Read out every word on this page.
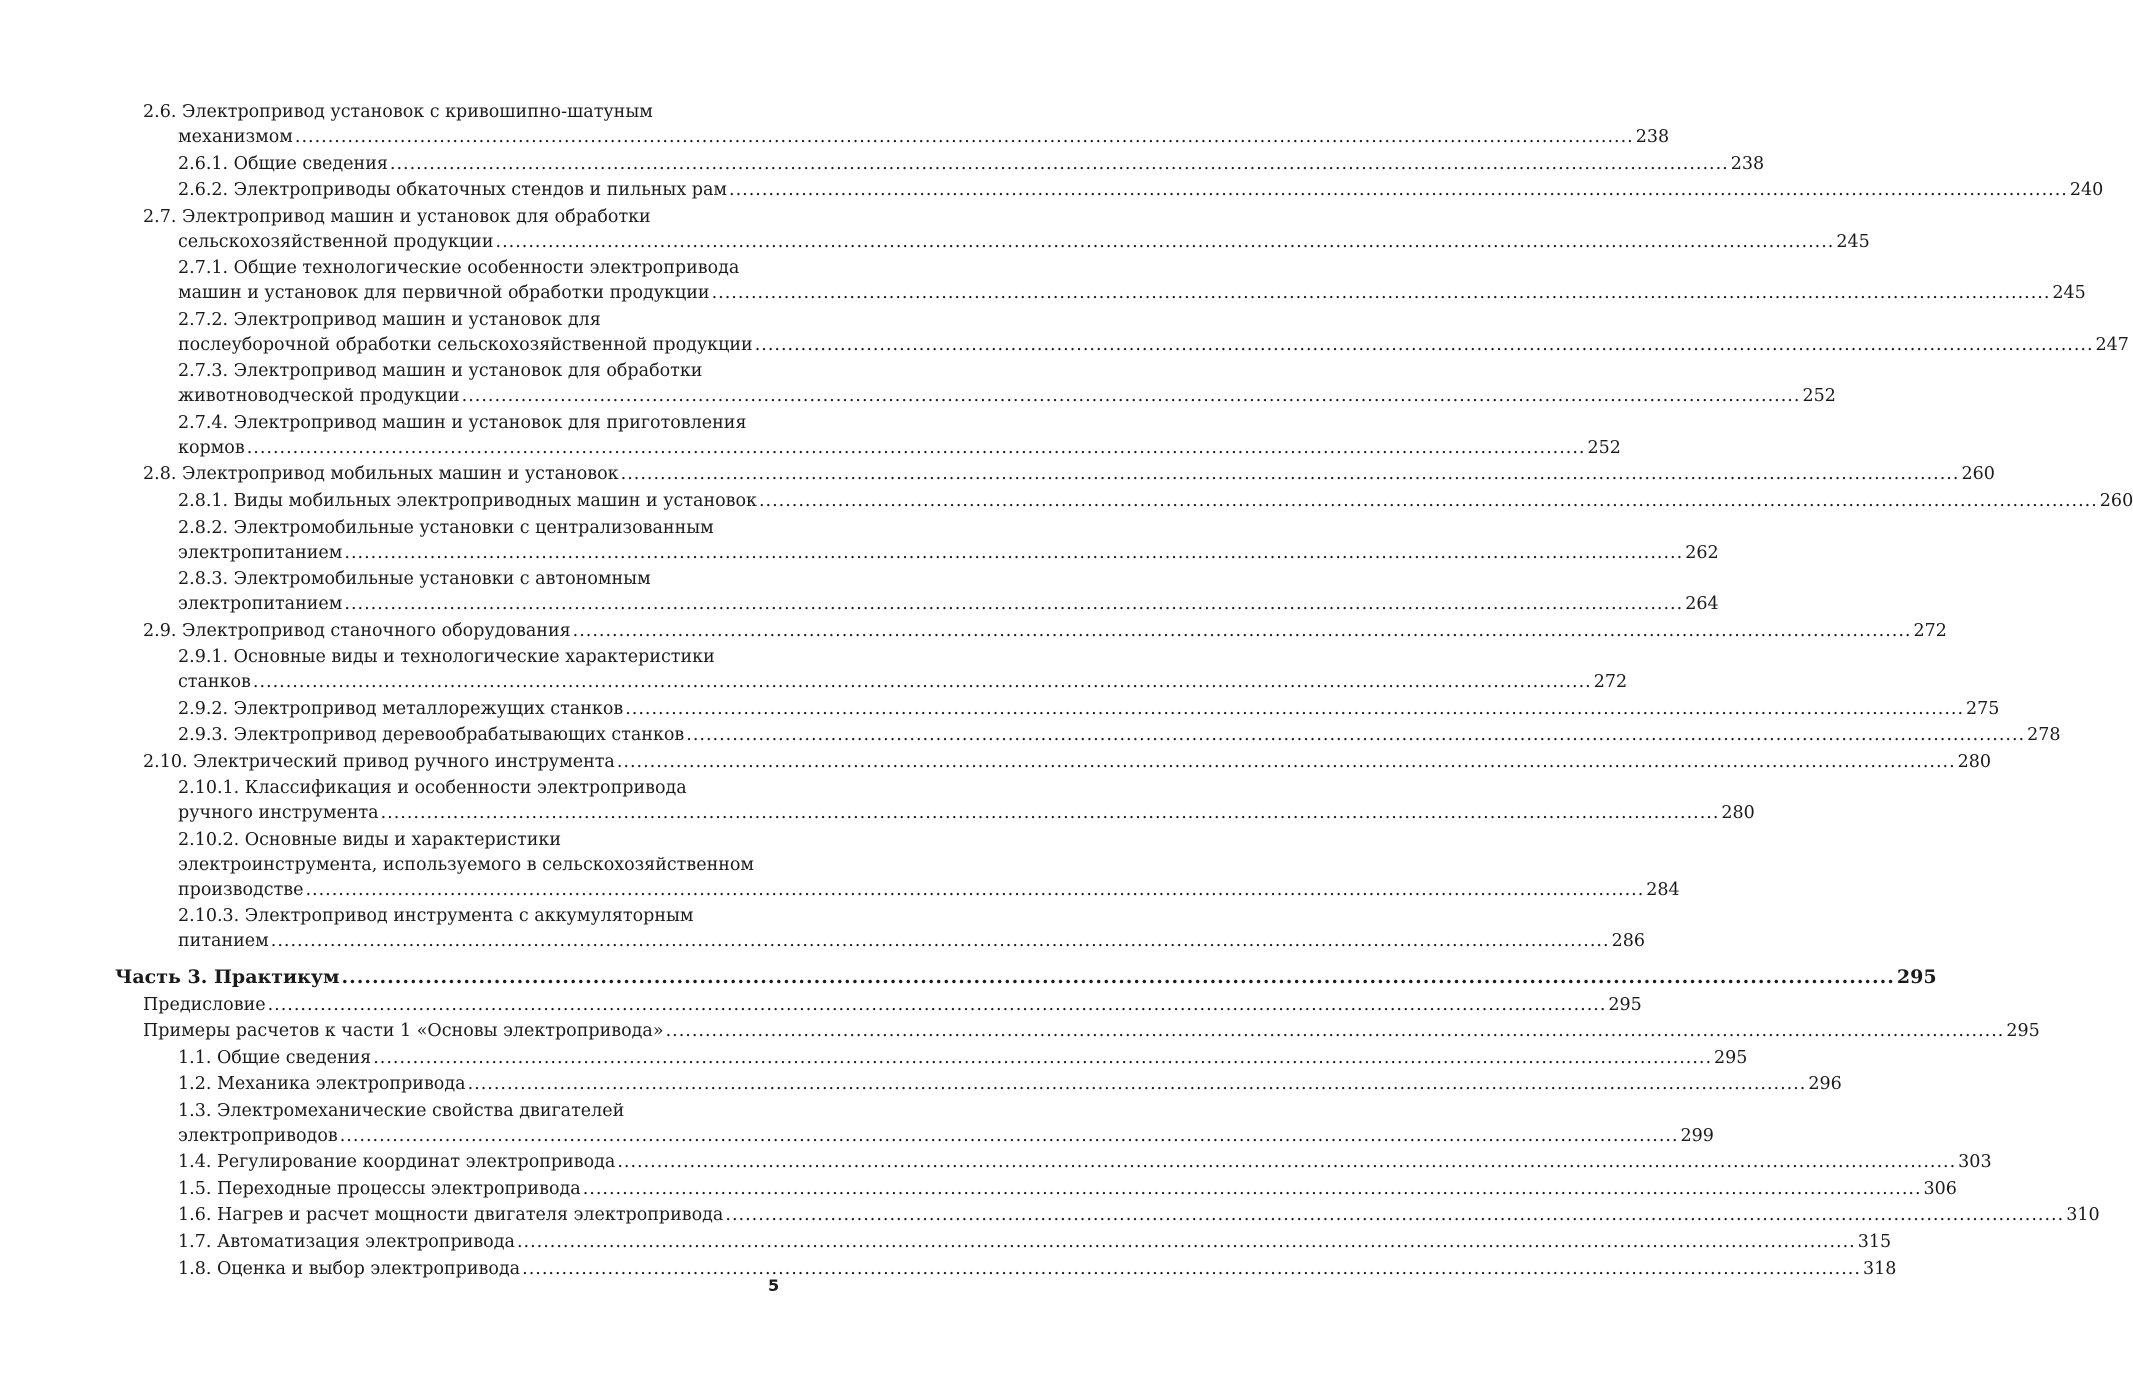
2.6. Электропривод установок с кривошипно-шатуным
механизмом .....	238
2.6.1. Общие сведения .....	238
2.6.2. Электроприводы обкаточных стендов и пильных рам .....	240
2.7. Электропривод машин и установок для обработки
сельскохозяйственной продукции .....	245
2.7.1. Общие технологические особенности электропривода
машин и установок для первичной обработки продукции .....	245
2.7.2. Электропривод машин и установок для
послеуборочной обработки сельскохозяйственной продукции .....	247
2.7.3. Электропривод машин и установок для обработки
животноводческой продукции .....	252
2.7.4. Электропривод машин и установок для приготовления
кормов .....	252
2.8. Электропривод мобильных машин и установок .....	260
2.8.1. Виды мобильных электроприводных машин и установок .....	260
2.8.2. Электромобильные установки с централизованным
электропитанием .....	262
2.8.3. Электромобильные установки с автономным
электропитанием .....	264
2.9. Электропривод станочного оборудования .....	272
2.9.1. Основные виды и технологические характеристики
станков .....	272
2.9.2. Электропривод металлорежущих станков .....	275
2.9.3. Электропривод деревообрабатывающих станков .....	278
2.10. Электрический привод ручного инструмента .....	280
2.10.1. Классификация и особенности электропривода
ручного инструмента .....	280
2.10.2. Основные виды и характеристики
электроинструмента, используемого в сельскохозяйственном
производстве .....	284
2.10.3. Электропривод инструмента с аккумуляторным
питанием .....	286
Часть 3. Практикум .....	295
Предисловие .....	295
Примеры расчетов к части 1 «Основы электропривода» .....	295
1.1. Общие сведения .....	295
1.2. Механика электропривода .....	296
1.3. Электромеханические свойства двигателей
электроприводов .....	299
1.4. Регулирование координат электропривода .....	303
1.5. Переходные процессы электропривода .....	306
1.6. Нагрев и расчет мощности двигателя электропривода .....	310
1.7. Автоматизация электропривода .....	315
1.8. Оценка и выбор электропривода .....	318
5
